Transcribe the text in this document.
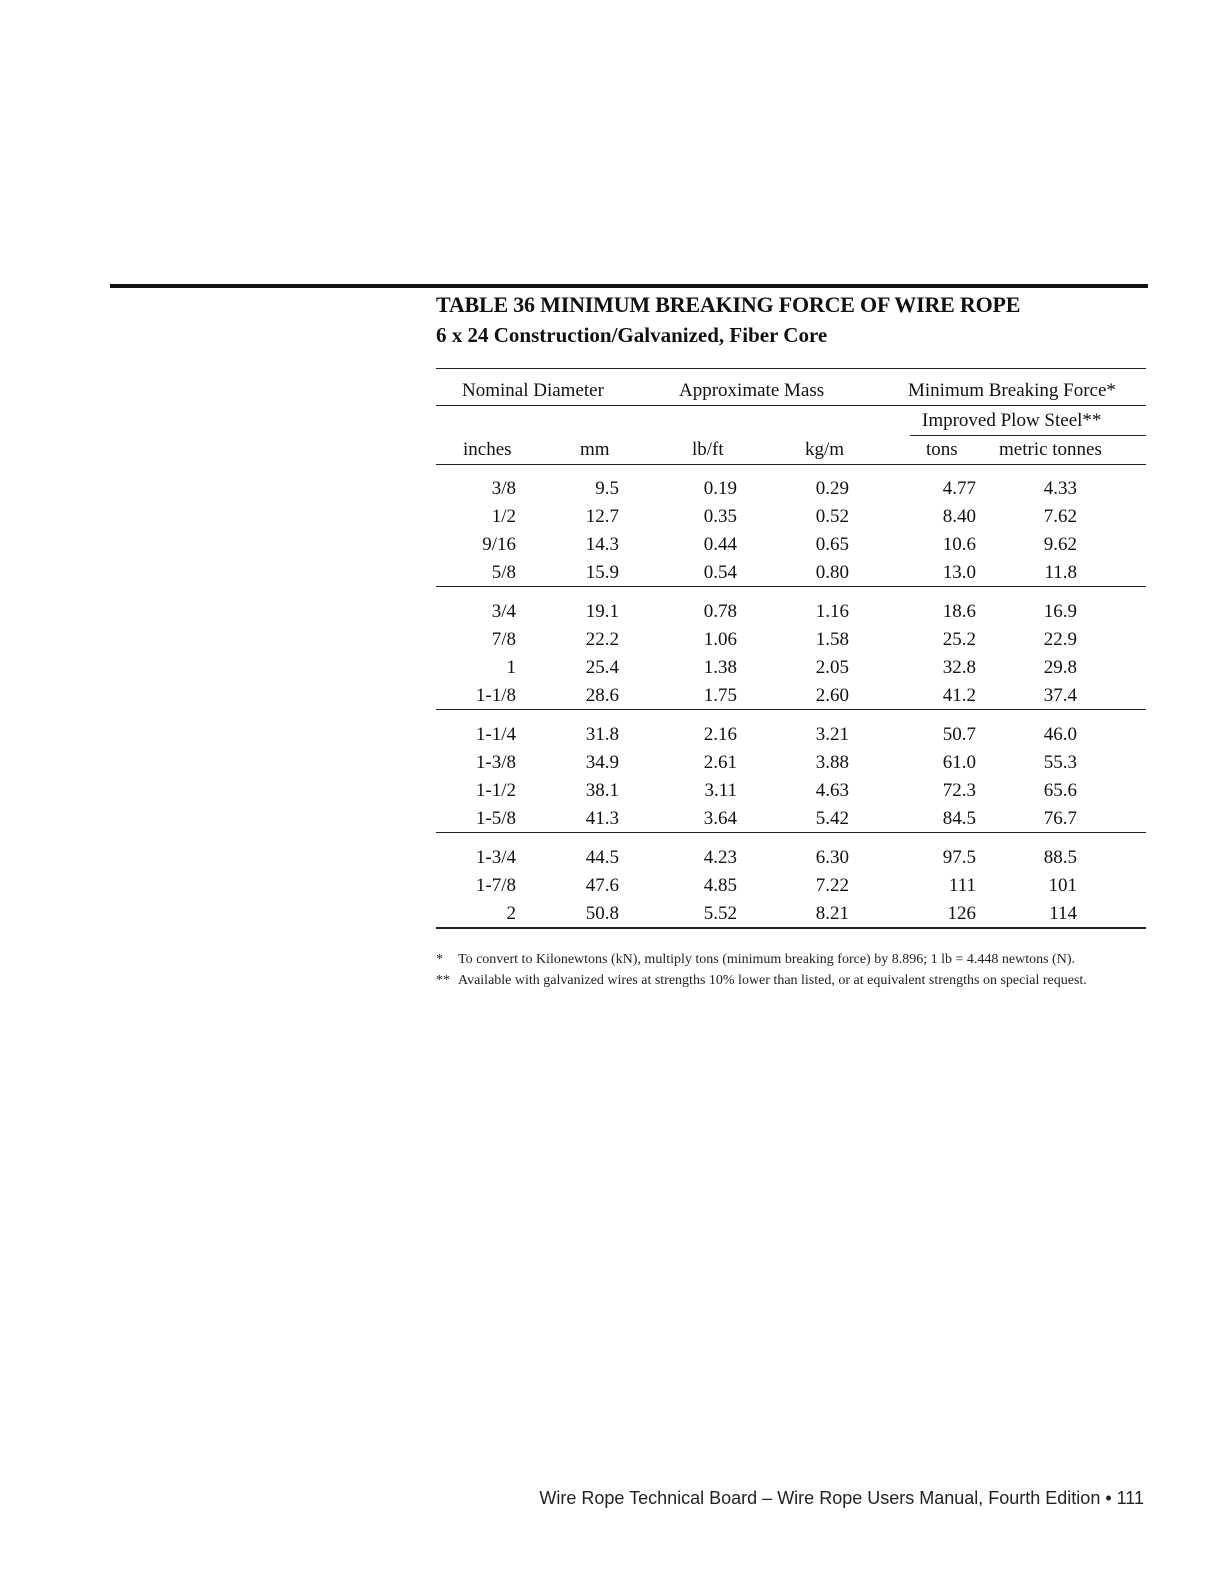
TABLE 36 MINIMUM BREAKING FORCE OF WIRE ROPE
6 x 24 Construction/Galvanized, Fiber Core
Nominal Diameter	Approximate Mass	Minimum Breaking Force*
Improved Plow Steel**
inches	mm	lb/ft	kg/m	tons metric tonnes
3/8	9.5	0.19	0.29	4.77	4.33
1/2	12.7	0.35	0.52	8.40	7.62
9/16	14.3	0.44	0.65	10.6	9.62
5/8	15.9	0.54	0.80	13.0	11.8
3/4	19.1	0.78	1.16	18.6	16.9
7/8	22.2	1.06	1.58	25.2	22.9
1	25.4	1.38	2.05	32.8	29.8
1-1/8	28.6	1.75	2.60	41.2	37.4
1-1/4	31.8	2.16	3.21	50.7	46.0
1-3/8	34.9	2.61	3.88	61.0	55.3
1-1/2	38.1	3.11	4.63	72.3	65.6
1-5/8	41.3	3.64	5.42	84.5	76.7
1-3/4	44.5	4.23	6.30	97.5	88.5
1-7/8	47.6	4.85	7.22	111	101
2	50.8	5.52	8.21	126	114
* To convert to Kilonewtons (kN), multiply tons (minimum breaking force) by 8.896; 1 lb = 4.448 newtons (N).
** Available with galvanized wires at strengths 10% lower than listed, or at equivalent strengths on special request.
Wire Rope Technical Board – Wire Rope Users Manual, Fourth Edition • 111
